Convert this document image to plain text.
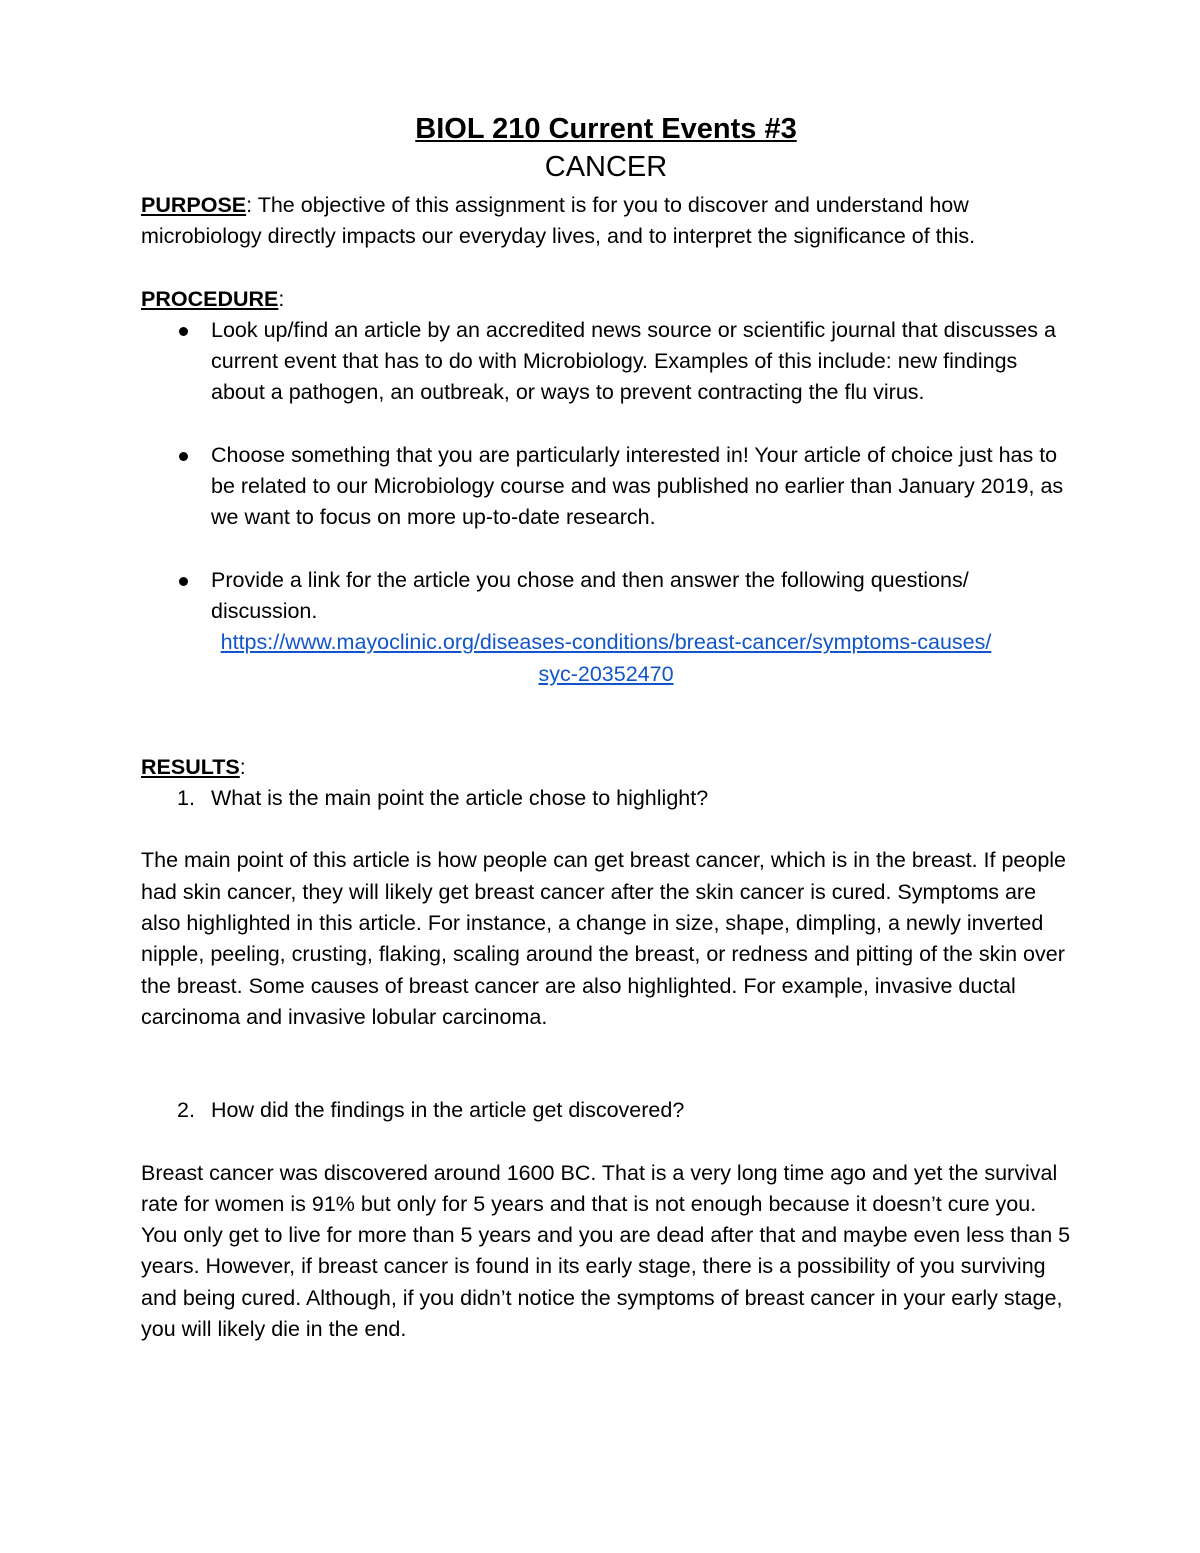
BIOL 210 Current Events #3

CANCER

PURPOSE: The objective of this assignment is for you to discover and understand how microbiology directly impacts our everyday lives, and to interpret the significance of this.

PROCEDURE:

Look up/find an article by an accredited news source or scientific journal that discusses a current event that has to do with Microbiology. Examples of this include: new findings about a pathogen, an outbreak, or ways to prevent contracting the flu virus.
Choose something that you are particularly interested in! Your article of choice just has to be related to our Microbiology course and was published no earlier than January 2019, as we want to focus on more up-to-date research.
Provide a link for the article you chose and then answer the following questions/ discussion.
https://www.mayoclinic.org/diseases-conditions/breast-cancer/symptoms-causes/
syc-20352470

RESULTS:

1. What is the main point the article chose to highlight?

The main point of this article is how people can get breast cancer, which is in the breast. If people had skin cancer, they will likely get breast cancer after the skin cancer is cured. Symptoms are also highlighted in this article. For instance, a change in size, shape, dimpling, a newly inverted nipple, peeling, crusting, flaking, scaling around the breast, or redness and pitting of the skin over the breast. Some causes of breast cancer are also highlighted. For example, invasive ductal carcinoma and invasive lobular carcinoma.

2. How did the findings in the article get discovered?

Breast cancer was discovered around 1600 BC. That is a very long time ago and yet the survival rate for women is 91% but only for 5 years and that is not enough because it doesn’t cure you. You only get to live for more than 5 years and you are dead after that and maybe even less than 5 years. However, if breast cancer is found in its early stage, there is a possibility of you surviving and being cured. Although, if you didn’t notice the symptoms of breast cancer in your early stage, you will likely die in the end.
